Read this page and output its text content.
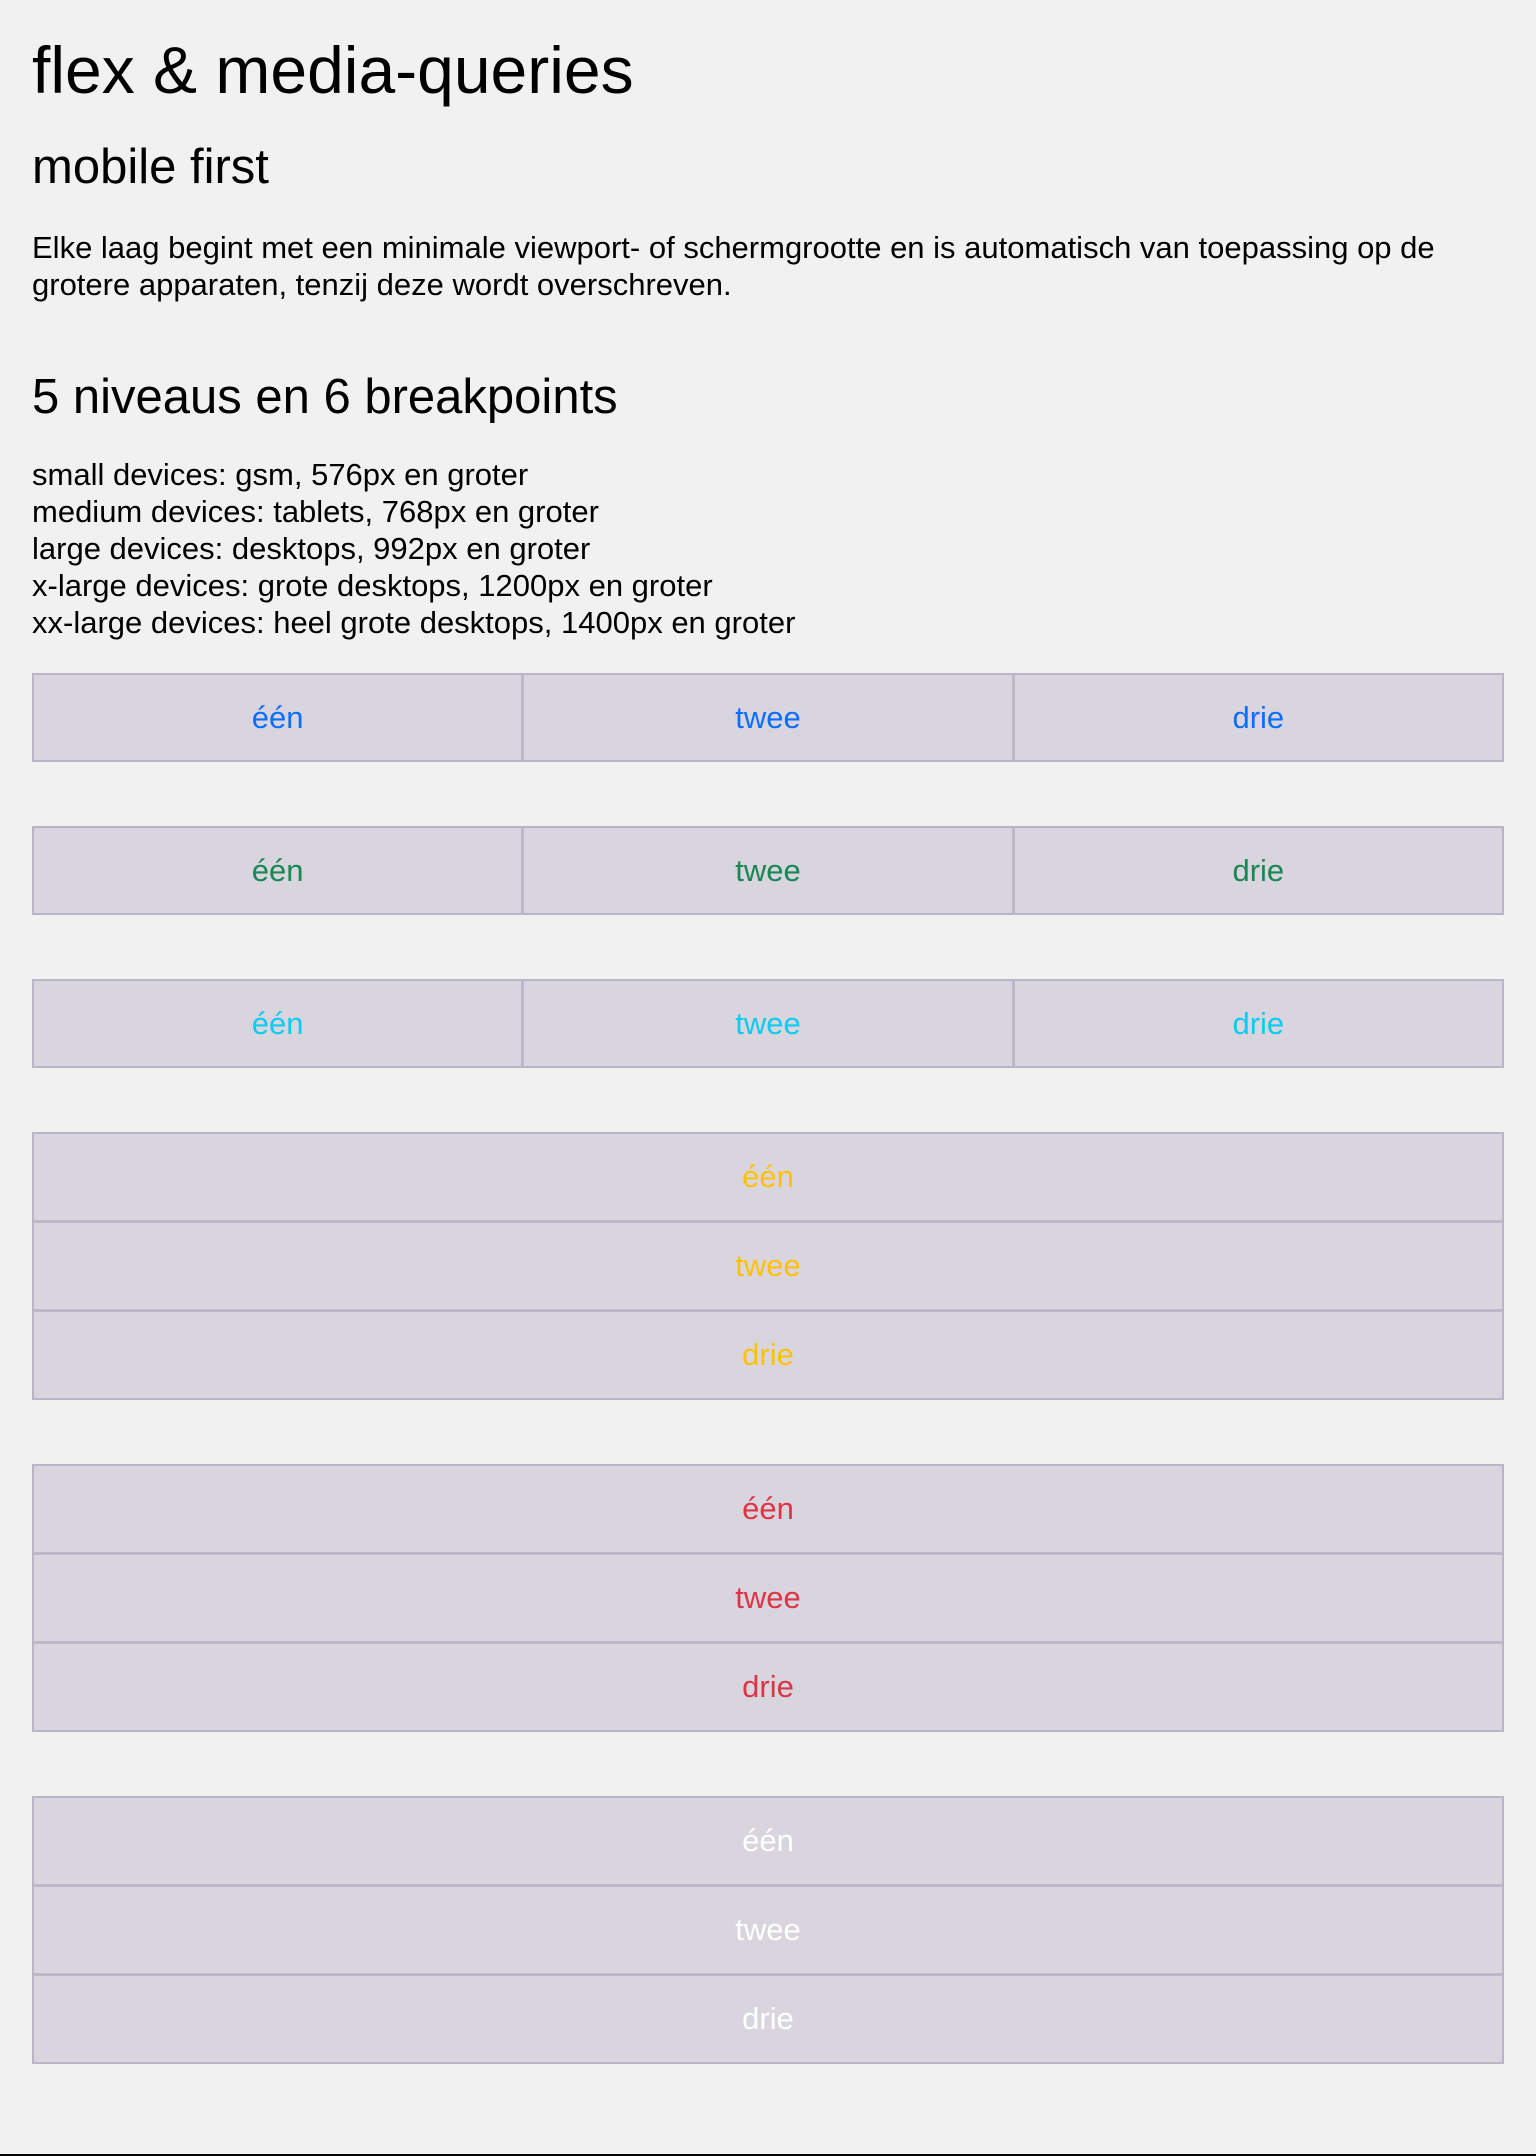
flex & media-queries
mobile first

Elke laag begint met een minimale viewport- of schermgrootte en is automatisch van toepassing op de grotere apparaten, tenzij deze wordt overschreven.

5 niveaus en 6 breakpoints
small devices: gsm, 576px en groter
medium devices: tablets, 768px en groter
large devices: desktops, 992px en groter
x-large devices: grote desktops, 1200px en groter
xx-large devices: heel grote desktops, 1400px en groter
één	twee	drie
één	twee	drie
één	twee	drie
één
twee
drie
één
twee
drie
één
twee
drie
